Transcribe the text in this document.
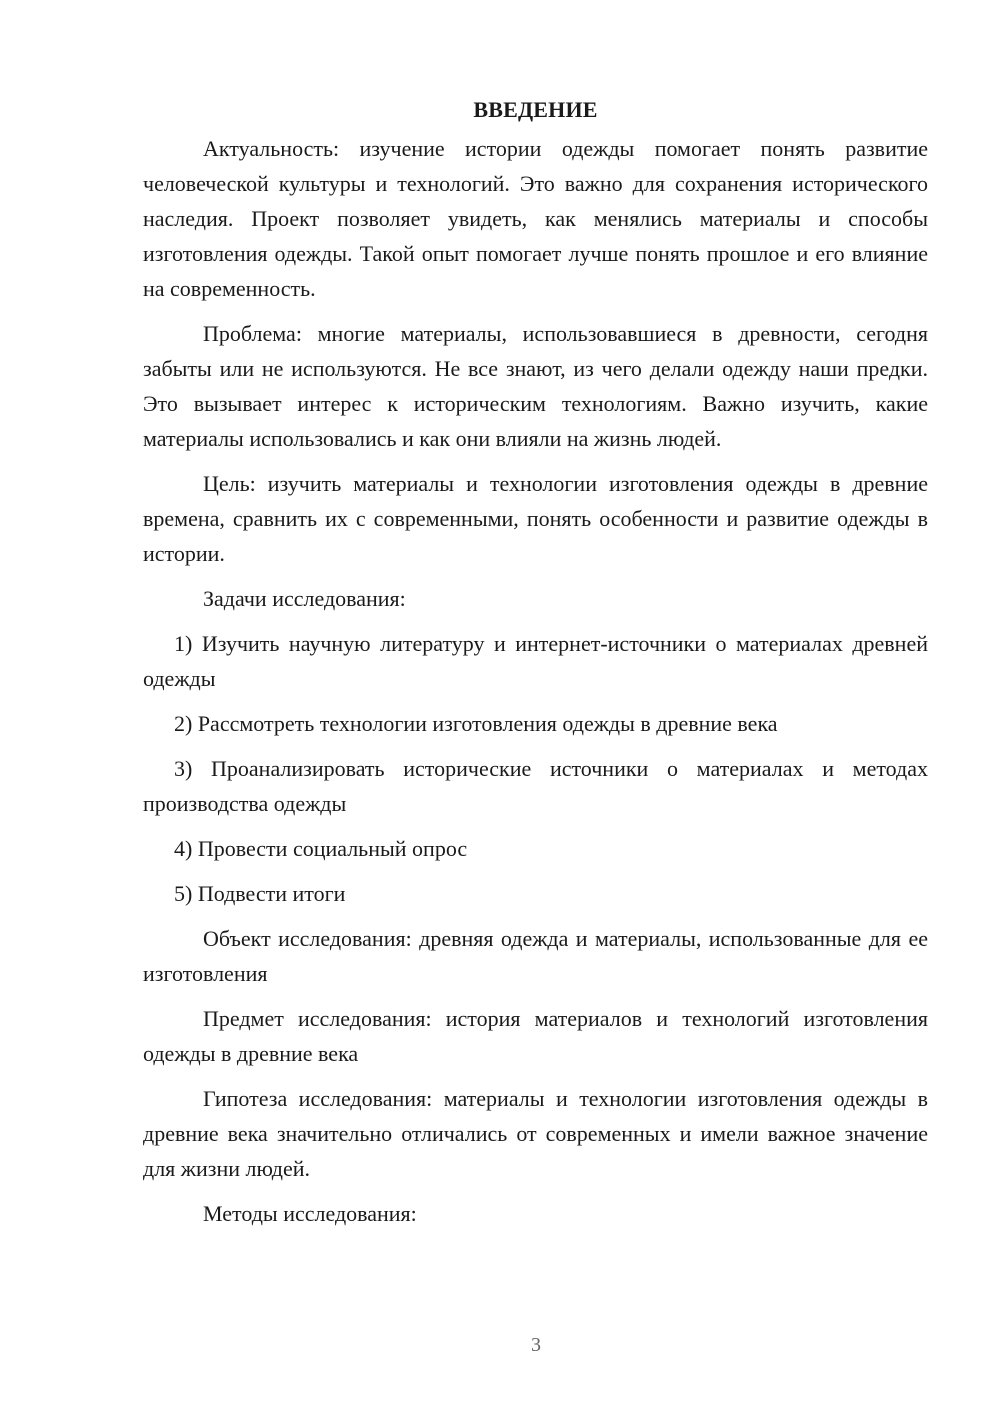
ВВЕДЕНИЕ

Актуальность: изучение истории одежды помогает понять развитие человеческой культуры и технологий. Это важно для сохранения исторического наследия. Проект позволяет увидеть, как менялись материалы и способы изготовления одежды. Такой опыт помогает лучше понять прошлое и его влияние на современность.

Проблема: многие материалы, использовавшиеся в древности, сегодня забыты или не используются. Не все знают, из чего делали одежду наши предки. Это вызывает интерес к историческим технологиям. Важно изучить, какие материалы использовались и как они влияли на жизнь людей.

Цель: изучить материалы и технологии изготовления одежды в древние времена, сравнить их с современными, понять особенности и развитие одежды в истории.

Задачи исследования:

1) Изучить научную литературу и интернет-источники о материалах древней одежды

2) Рассмотреть технологии изготовления одежды в древние века

3) Проанализировать исторические источники о материалах и методах производства одежды

4) Провести социальный опрос

5) Подвести итоги

Объект исследования: древняя одежда и материалы, использованные для ее изготовления

Предмет исследования: история материалов и технологий изготовления одежды в древние века

Гипотеза исследования: материалы и технологии изготовления одежды в древние века значительно отличались от современных и имели важное значение для жизни людей.

Методы исследования:

3
